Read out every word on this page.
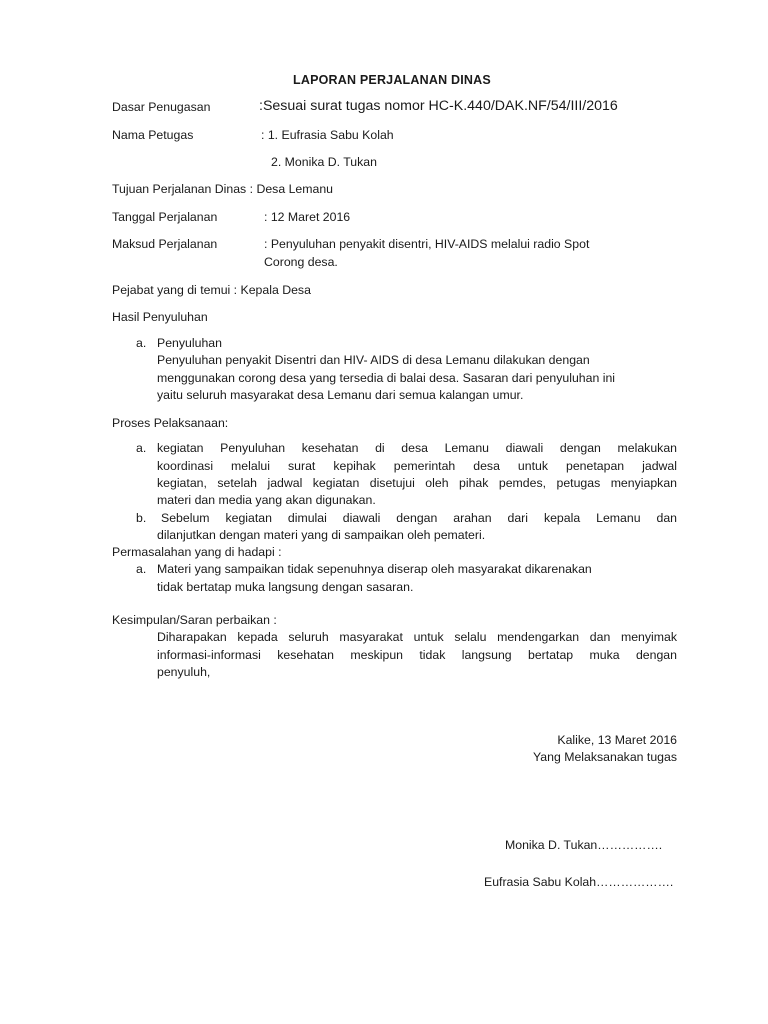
LAPORAN PERJALANAN DINAS
Dasar Penugasan	:Sesuai surat tugas nomor HC-K.440/DAK.NF/54/III/2016
Nama Petugas	: 1. Eufrasia Sabu Kolah
2. Monika D. Tukan
Tujuan Perjalanan Dinas : Desa Lemanu
Tanggal Perjalanan	: 12 Maret 2016
Maksud Perjalanan	: Penyuluhan penyakit disentri, HIV-AIDS melalui radio Spot
Corong desa.
Pejabat yang di temui : Kepala Desa
Hasil Penyuluhan
a. Penyuluhan
Penyuluhan penyakit Disentri dan HIV- AIDS di desa Lemanu dilakukan dengan
menggunakan corong desa yang tersedia di balai desa. Sasaran dari penyuluhan ini
yaitu seluruh masyarakat desa Lemanu dari semua kalangan umur.
Proses Pelaksanaan:
a. kegiatan Penyuluhan kesehatan di desa Lemanu diawali dengan melakukan
koordinasi melalui surat kepihak pemerintah desa untuk penetapan jadwal
kegiatan, setelah jadwal kegiatan disetujui oleh pihak pemdes, petugas menyiapkan
materi dan media yang akan digunakan.
b. Sebelum kegiatan dimulai diawali dengan arahan dari kepala Lemanu dan
dilanjutkan dengan materi yang di sampaikan oleh pemateri.
Permasalahan yang di hadapi :
a. Materi yang sampaikan tidak sepenuhnya diserap oleh masyarakat dikarenakan
tidak bertatap muka langsung dengan sasaran.
Kesimpulan/Saran perbaikan :
Diharapakan kepada seluruh masyarakat untuk selalu mendengarkan dan menyimak
informasi-informasi kesehatan meskipun tidak langsung bertatap muka dengan
penyuluh,
Kalike, 13 Maret 2016
Yang Melaksanakan tugas
Monika D. Tukan…………….
Eufrasia Sabu Kolah……………….
